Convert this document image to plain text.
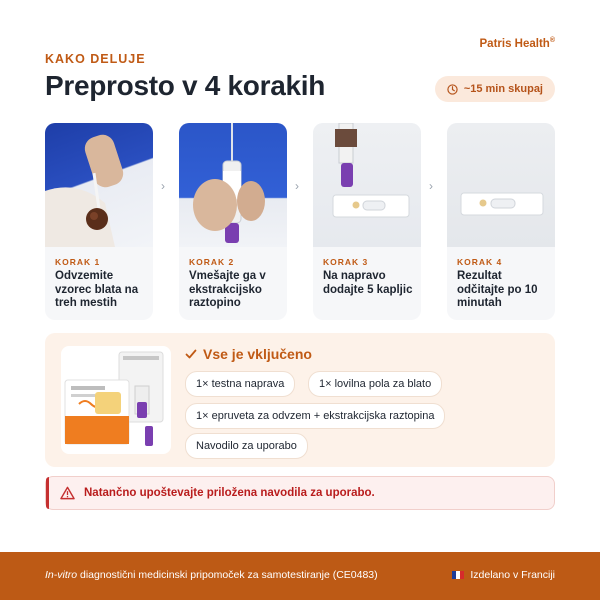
Patris Health®
KAKO DELUJE
Preprosto v 4 korakih	~15 min skupaj
KORAK 1
Odvzemite vzorec blata na treh mestih
›
KORAK 2
Vmešajte ga v ekstrakcijsko raztopino
›
KORAK 3
Na napravo dodajte 5 kapljic
›
KORAK 4
Rezultat odčitajte po 10 minutah
Vse je vključeno
1× testna naprava	1× lovilna pola za blato
1× epruveta za odvzem + ekstrakcijska raztopina
Navodilo za uporabo
Natančno upoštevajte priložena navodila za uporabo.
In-vitro diagnostični medicinski pripomoček za samotestiranje (CE0483)	Izdelano v Franciji
